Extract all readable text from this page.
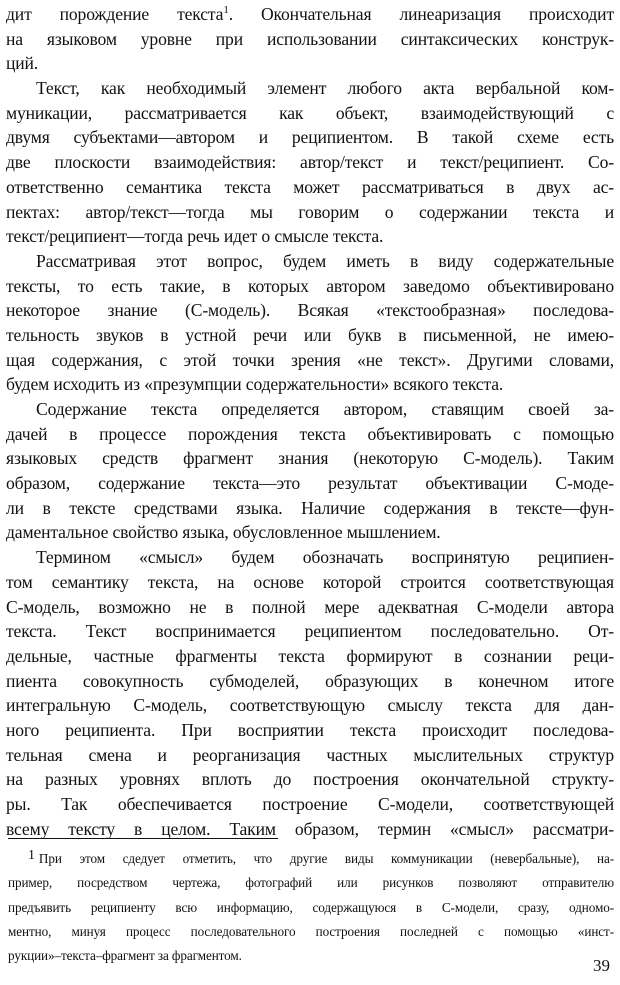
дит порождение текста$^1$. Окончательная линеаризация происходит
на языковом уровне при использовании синтаксических конструк-
ций.
Текст, как необходимый элемент любого акта вербальной ком-
муникации, рассматривается как объект, взаимодействующий с
двумя субъектами—автором и реципиентом. В такой схеме есть
две плоскости взаимодействия: автор/текст и текст/реципиент. Со-
ответственно семантика текста может рассматриваться в двух ас-
пектах: автор/текст—тогда мы говорим о содержании текста и
текст/реципиент—тогда речь идет о смысле текста.
Рассматривая этот вопрос, будем иметь в виду содержательные
тексты, то есть такие, в которых автором заведомо объективировано
некоторое знание (С-модель). Всякая «текстообразная» последова-
тельность звуков в устной речи или букв в письменной, не имею-
щая содержания, с этой точки зрения «не текст». Другими словами,
будем исходить из «презумпции содержательности» всякого текста.
Содержание текста определяется автором, ставящим своей за-
дачей в процессе порождения текста объективировать с помощью
языковых средств фрагмент знания (некоторую С-модель). Таким
образом, содержание текста—это результат объективации С-моде-
ли в тексте средствами языка. Наличие содержания в тексте—фун-
даментальное свойство языка, обусловленное мышлением.
Термином «смысл» будем обозначать воспринятую реципиен-
том семантику текста, на основе которой строится соответствующая
С-модель, возможно не в полной мере адекватная С-модели автора
текста. Текст воспринимается реципиентом последовательно. От-
дельные, частные фрагменты текста формируют в сознании реци-
пиента совокупность субмоделей, образующих в конечном итоге
интегральную С-модель, соответствующую смыслу текста для дан-
ного реципиента. При восприятии текста происходит последова-
тельная смена и реорганизация частных мыслительных структур
на разных уровнях вплоть до построения окончательной структу-
ры. Так обеспечивается построение С-модели, соответствующей
всему тексту в целом. Таким образом, термин «смысл» рассматри-
1 При этом сдедует отметить, что другие виды коммуникации (невербальные), на-
пример, посредством чертежа, фотографий или рисунков позволяют отправителю
предъявить реципиенту всю информацию, содержащуюся в С-модели, сразу, одномо-
ментно, минуя процесс последовательного построения последней с помощью «инст-
рукции»–текста–фрагмент за фрагментом.
39
